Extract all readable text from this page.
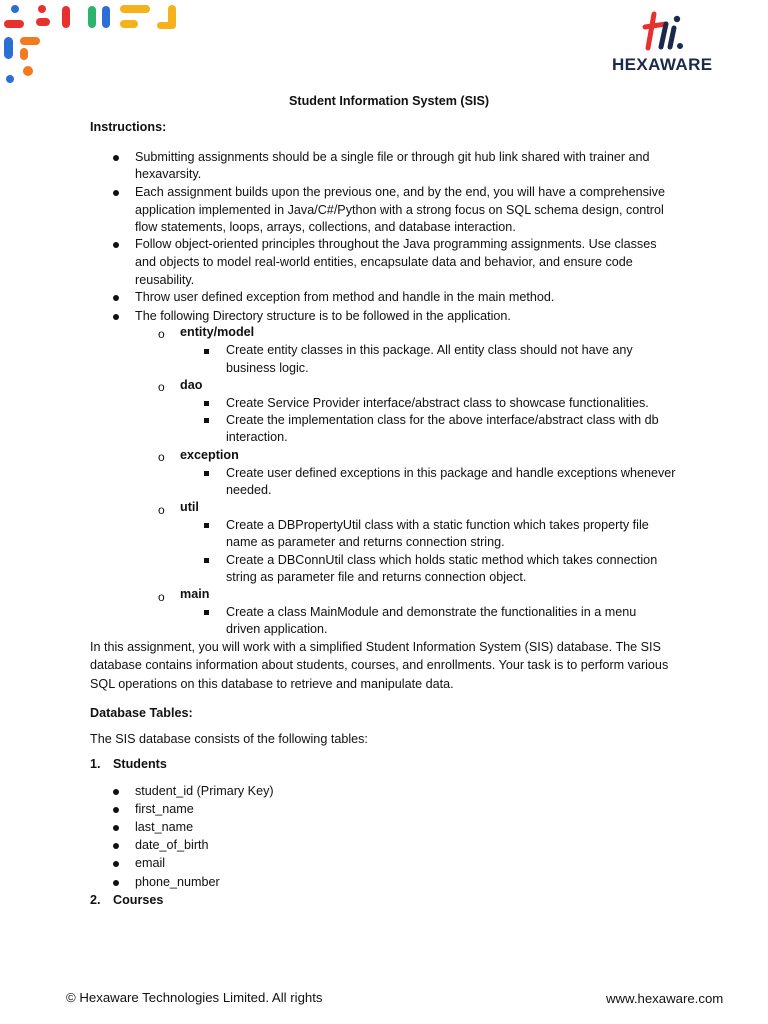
HEXAWARE
Student Information System (SIS)
Instructions:
Submitting assignments should be a single file or through git hub link shared with trainer and
hexavarsity.
Each assignment builds upon the previous one, and by the end, you will have a comprehensive
application implemented in Java/C#/Python with a strong focus on SQL schema design, control
flow statements, loops, arrays, collections, and database interaction.
Follow object-oriented principles throughout the Java programming assignments. Use classes
and objects to model real-world entities, encapsulate data and behavior, and ensure code
reusability.
Throw user defined exception from method and handle in the main method.
The following Directory structure is to be followed in the application.
o entity/model
Create entity classes in this package. All entity class should not have any
business logic.
o dao
Create Service Provider interface/abstract class to showcase functionalities.
Create the implementation class for the above interface/abstract class with db
interaction.
o exception
Create user defined exceptions in this package and handle exceptions whenever
needed.
o util
Create a DBPropertyUtil class with a static function which takes property file
name as parameter and returns connection string.
Create a DBConnUtil class which holds static method which takes connection
string as parameter file and returns connection object.
o main
Create a class MainModule and demonstrate the functionalities in a menu
driven application.
In this assignment, you will work with a simplified Student Information System (SIS) database. The SIS
database contains information about students, courses, and enrollments. Your task is to perform various
SQL operations on this database to retrieve and manipulate data.
Database Tables:
The SIS database consists of the following tables:
1. Students
student_id (Primary Key)
first_name
last_name
date_of_birth
email
phone_number
2. Courses
© Hexaware Technologies Limited. All rights	www.hexaware.com
